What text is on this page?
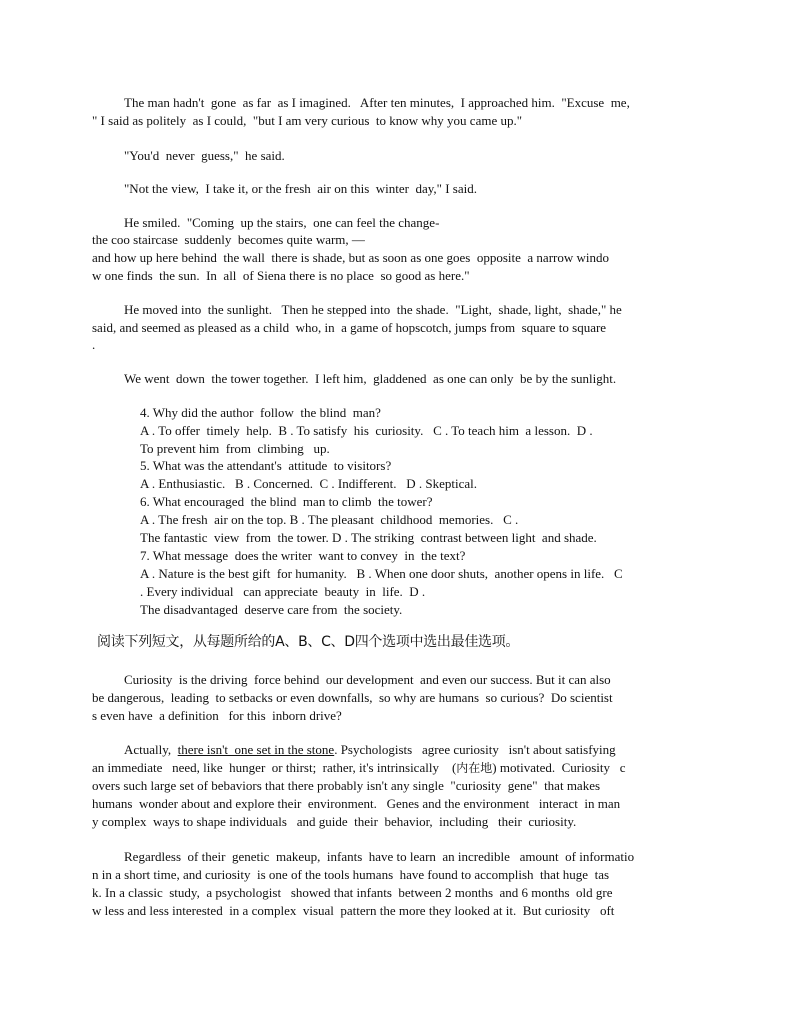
The man hadn't  gone  as far  as I imagined.   After ten minutes,  I approached him.  "Excuse  me,
" I said as politely  as I could,  "but I am very curious  to know why you came up."
"You'd  never  guess,"  he said.
"Not the view,  I take it, or the fresh  air on this  winter  day," I said.
He smiled.  "Coming  up the stairs,  one can feel the change-
the coo staircase  suddenly  becomes quite warm, —
and how up here behind  the wall  there is shade, but as soon as one goes  opposite  a narrow windo
w one finds  the sun.  In  all  of Siena there is no place  so good as here."
He moved into  the sunlight.   Then he stepped into  the shade.  "Light,  shade, light,  shade," he
said, and seemed as pleased as a child  who, in  a game of hopscotch, jumps from  square to square
.
We went  down  the tower together.  I left him,  gladdened  as one can only  be by the sunlight.
4. Why did the author  follow  the blind  man?
A . To offer  timely  help.  B . To satisfy  his  curiosity.   C . To teach him  a lesson.  D .
To prevent him  from  climbing   up.
5. What was the attendant's  attitude  to visitors?
A . Enthusiastic.   B . Concerned.  C . Indifferent.   D . Skeptical.
6. What encouraged  the blind  man to climb  the tower?
A . The fresh  air on the top. B . The pleasant  childhood  memories.   C .
The fantastic  view  from  the tower. D . The striking  contrast between light  and shade.
7. What message  does the writer  want to convey  in  the text?
A . Nature is the best gift  for humanity.   B . When one door shuts,  another opens in life.   C
. Every individual   can appreciate  beauty  in  life.  D .
The disadvantaged  deserve care from  the society.
阅读下列短文，从每题所给的A、B、C、D四个选项中选出最佳选项。
Curiosity  is the driving  force behind  our development  and even our success. But it can also
be dangerous,  leading  to setbacks or even downfalls,  so why are humans  so curious?  Do scientist
s even have  a definition   for this  inborn drive?
Actually,  there isn't  one set in the stone. Psychologists   agree curiosity   isn't about satisfying
an immediate   need, like  hunger  or thirst;  rather, it's intrinsically    (内在地) motivated.  Curiosity   c
overs such large set of bebaviors that there probably isn't any single  "curiosity  gene"  that makes
humans  wonder about and explore their  environment.   Genes and the environment   interact  in man
y complex  ways to shape individuals   and guide  their  behavior,  including   their  curiosity.
Regardless  of their  genetic  makeup,  infants  have to learn  an incredible   amount  of informatio
n in a short time, and curiosity  is one of the tools humans  have found to accomplish  that huge  tas
k. In a classic  study,  a psychologist   showed that infants  between 2 months  and 6 months  old gre
w less and less interested  in a complex  visual  pattern the more they looked at it.  But curiosity   oft
